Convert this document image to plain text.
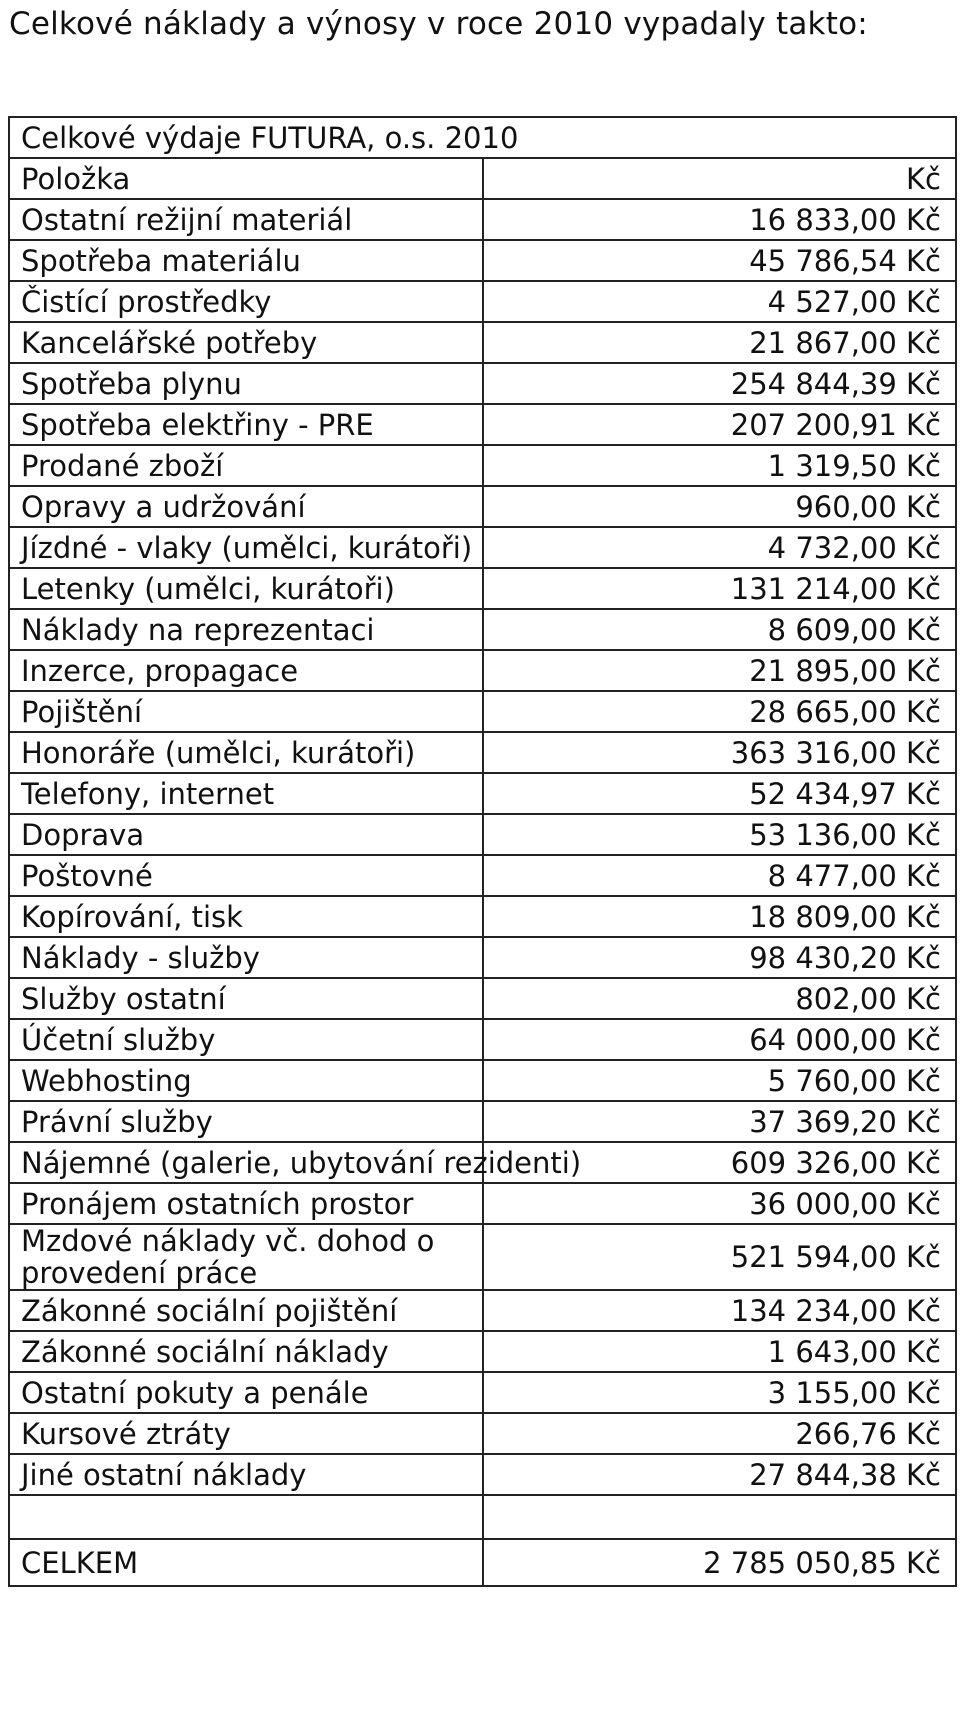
Celkové náklady a výnosy v roce 2010 vypadaly takto:
Celkové výdaje FUTURA, o.s. 2010	
Položka	Kč
Ostatní režijní materiál	16 833,00 Kč
Spotřeba materiálu	45 786,54 Kč
Čistící prostředky	4 527,00 Kč
Kancelářské potřeby	21 867,00 Kč
Spotřeba plynu	254 844,39 Kč
Spotřeba elektřiny - PRE	207 200,91 Kč
Prodané zboží	1 319,50 Kč
Opravy a udržování	960,00 Kč
Jízdné - vlaky (umělci, kurátoři)	4 732,00 Kč
Letenky (umělci, kurátoři)	131 214,00 Kč
Náklady na reprezentaci	8 609,00 Kč
Inzerce, propagace	21 895,00 Kč
Pojištění	28 665,00 Kč
Honoráře (umělci, kurátoři)	363 316,00 Kč
Telefony, internet	52 434,97 Kč
Doprava	53 136,00 Kč
Poštovné	8 477,00 Kč
Kopírování, tisk	18 809,00 Kč
Náklady - služby	98 430,20 Kč
Služby ostatní	802,00 Kč
Účetní služby	64 000,00 Kč
Webhosting	5 760,00 Kč
Právní služby	37 369,20 Kč
Nájemné (galerie, ubytování rezidenti)	609 326,00 Kč
Pronájem ostatních prostor	36 000,00 Kč
Mzdové náklady vč. dohod o provedení práce	521 594,00 Kč
Zákonné sociální pojištění	134 234,00 Kč
Zákonné sociální náklady	1 643,00 Kč
Ostatní pokuty a penále	3 155,00 Kč
Kursové ztráty	266,76 Kč
Jiné ostatní náklady	27 844,38 Kč

CELKEM	2 785 050,85 Kč
